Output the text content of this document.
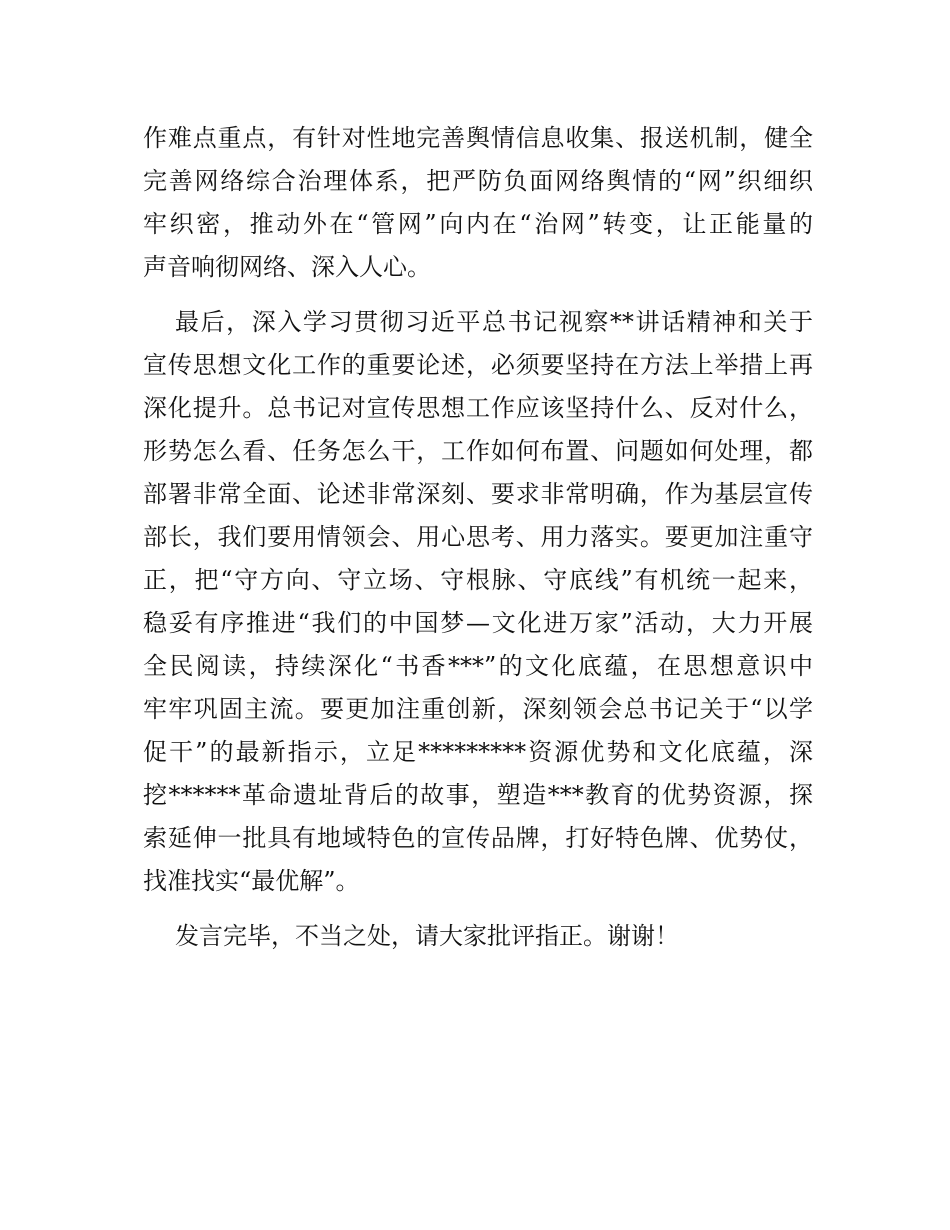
作难点重点，有针对性地完善舆情信息收集、报送机制，健全
完善网络综合治理体系，把严防负面网络舆情的“网”织细织
牢织密，推动外在“管网”向内在“治网”转变，让正能量的
声音响彻网络、深入人心。
最后，深入学习贯彻习近平总书记视察**讲话精神和关于
宣传思想文化工作的重要论述，必须要坚持在方法上举措上再
深化提升。总书记对宣传思想工作应该坚持什么、反对什么，
形势怎么看、任务怎么干，工作如何布置、问题如何处理，都
部署非常全面、论述非常深刻、要求非常明确，作为基层宣传
部长，我们要用情领会、用心思考、用力落实。要更加注重守
正，把“守方向、守立场、守根脉、守底线”有机统一起来，
稳妥有序推进“我们的中国梦—文化进万家”活动，大力开展
全民阅读，持续深化“书香***”的文化底蕴，在思想意识中
牢牢巩固主流。要更加注重创新，深刻领会总书记关于“以学
促干”的最新指示，立足*********资源优势和文化底蕴，深
挖******革命遗址背后的故事，塑造***教育的优势资源，探
索延伸一批具有地域特色的宣传品牌，打好特色牌、优势仗，
找准找实“最优解”。
发言完毕，不当之处，请大家批评指正。谢谢！
